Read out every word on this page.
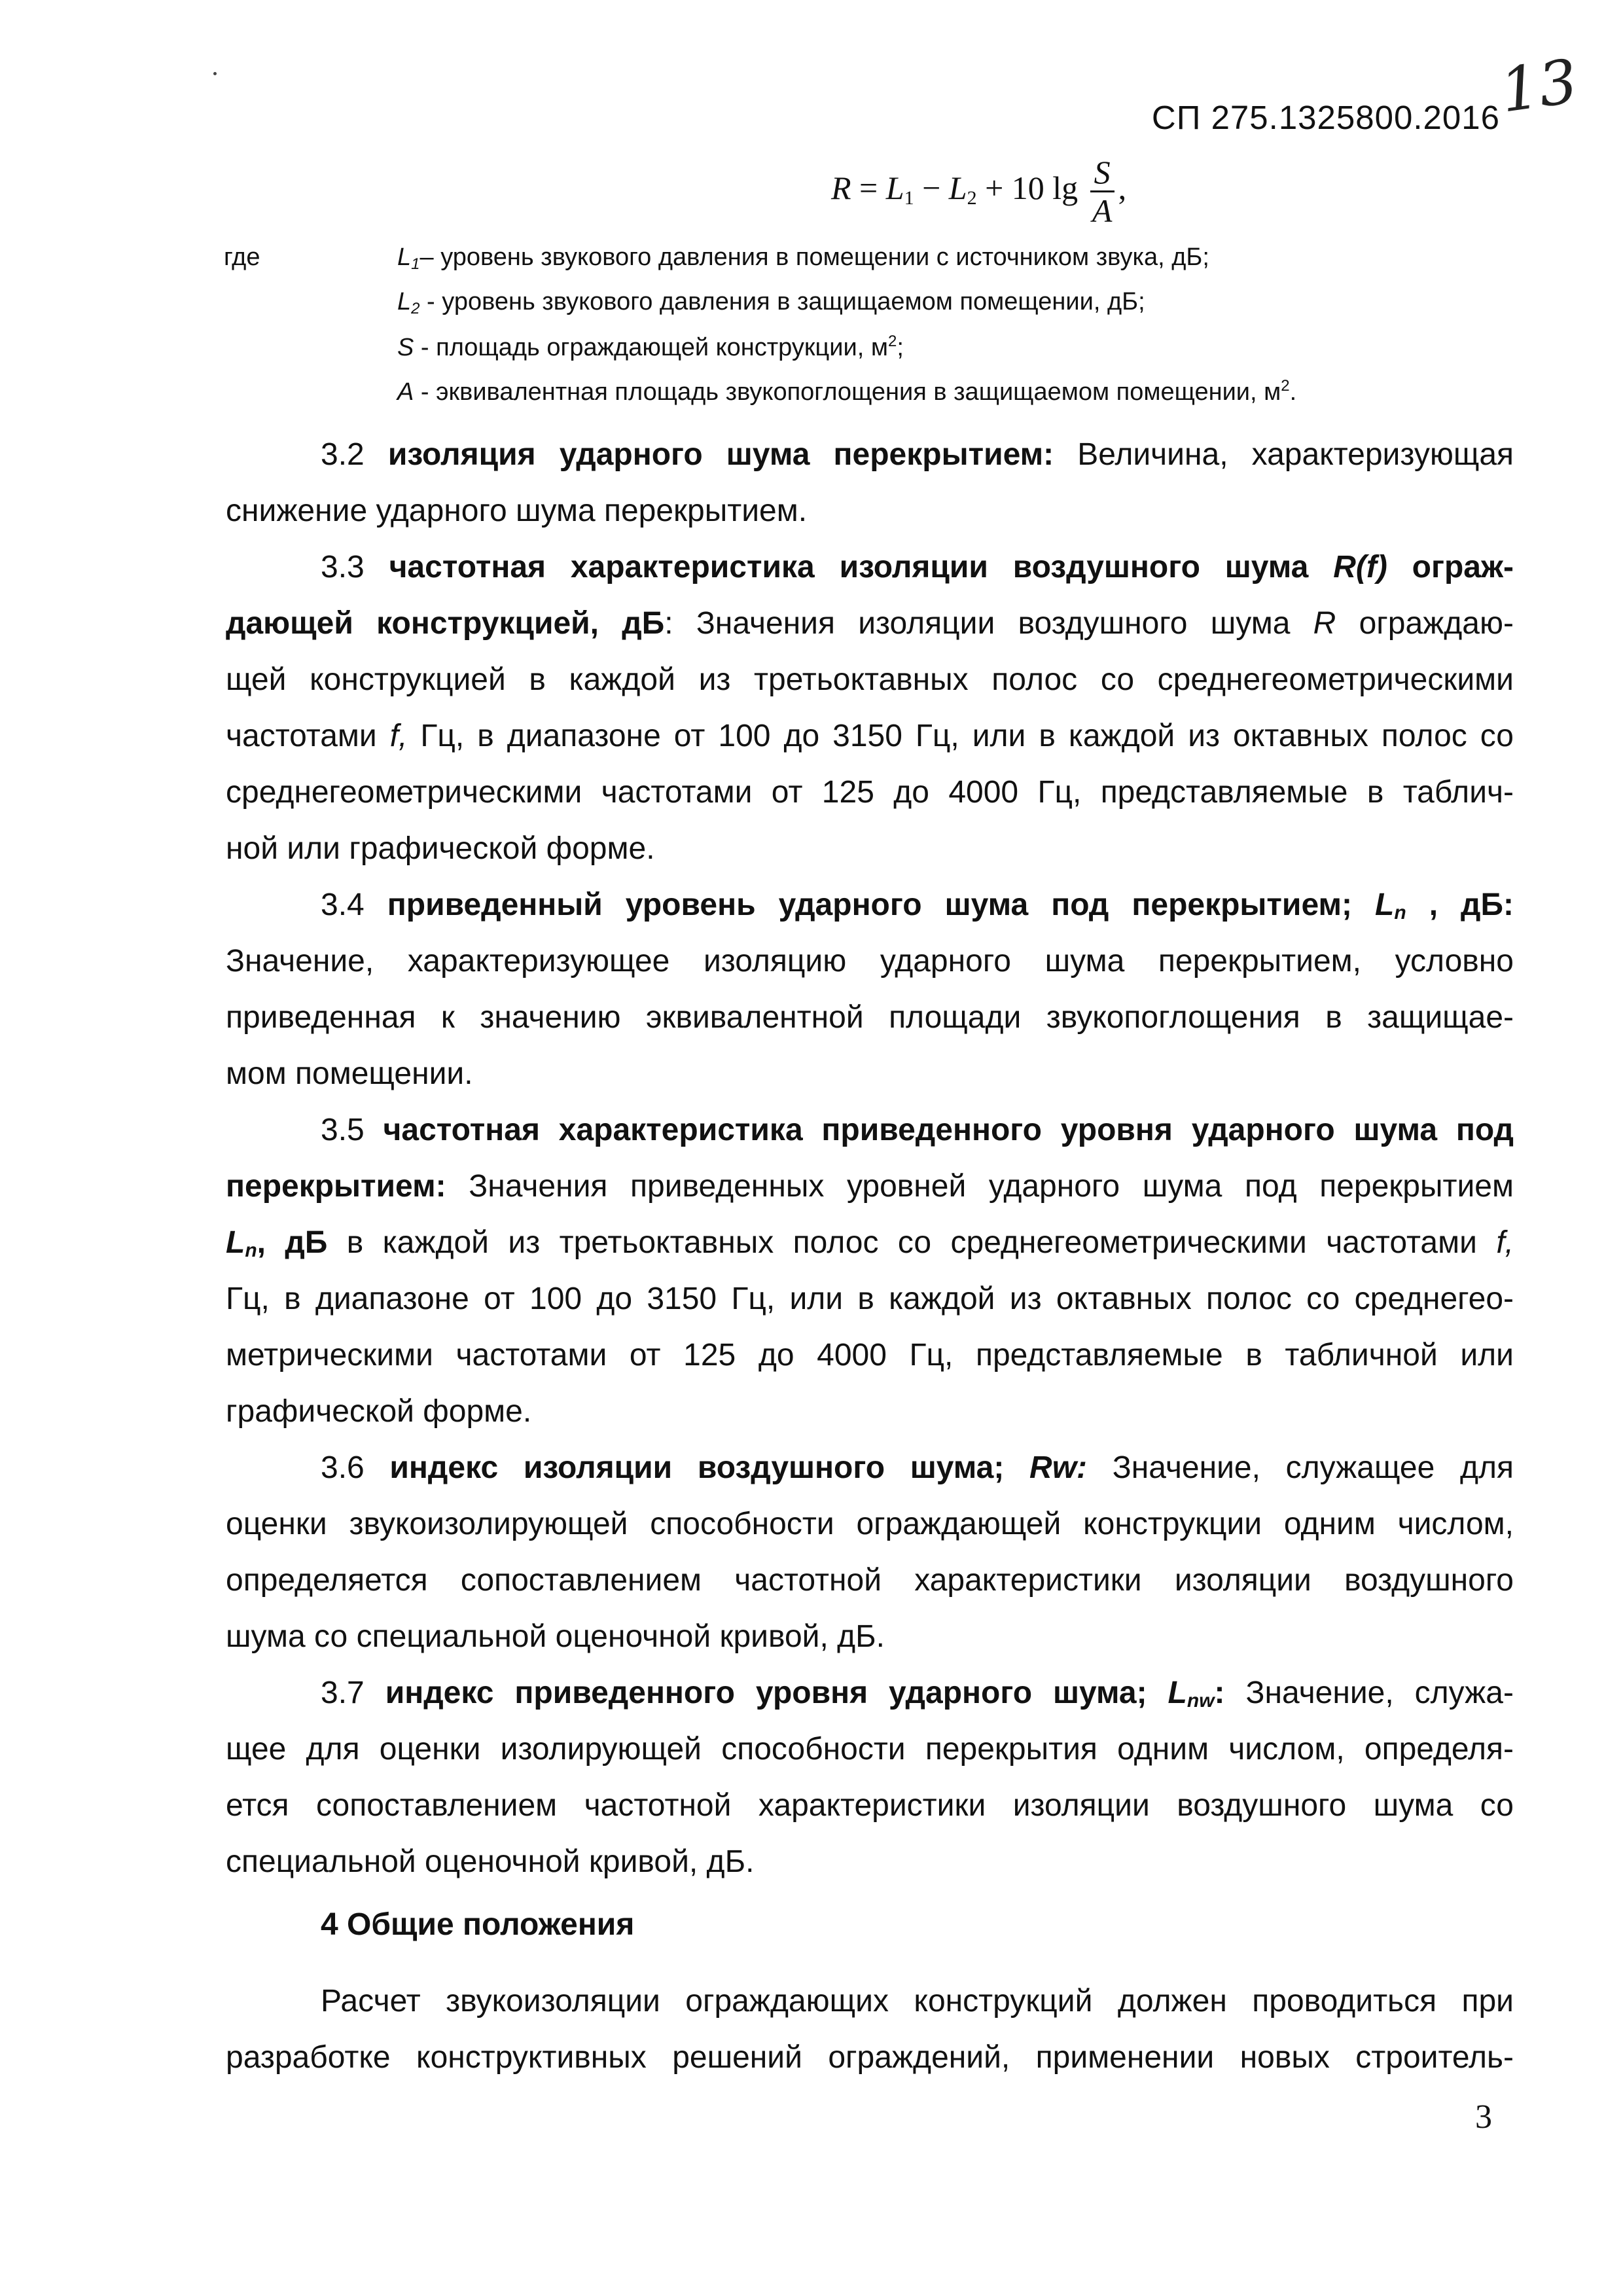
СП 275.1325800.2016
13
$R = L_1 - L_2 + 10$ $\lg \frac{S}{A}$ ,
где	$L_1-$ уровень звукового давления в помещении с источником звука, дБ;
$L_2$ - уровень звукового давления в защищаемом помещении, дБ;
S - площадь ограждающей конструкции, $м^2$;
A - эквивалентная площадь звукопоглощения в защищаемом помещении, $м^2$.
3.2 изоляция ударного шума перекрытием: Величина, характеризующая
снижение ударного шума перекрытием.
3.3 частотная характеристика изоляции воздушного шума R(f) ограж-
дающей конструкцией, дБ: Значения изоляции воздушного шума R ограждаю-
щей конструкцией в каждой из третьоктавных полос со среднегеометрическими
частотами f, Гц, в диапазоне от 100 до 3150 Гц, или в каждой из октавных полос со
среднегеометрическими частотами от 125 до 4000 Гц, представляемые в таблич-
ной или графической форме.
3.4 приведенный уровень ударного шума под перекрытием; $L_n$ , дБ:
Значение, характеризующее изоляцию ударного шума перекрытием, условно
приведенная к значению эквивалентной площади звукопоглощения в защищае-
мом помещении.
3.5 частотная характеристика приведенного уровня ударного шума под
перекрытием: Значения приведенных уровней ударного шума под перекрытием
$L_n$, дБ в каждой из третьоктавных полос со среднегеометрическими частотами f,
Гц, в диапазоне от 100 до 3150 Гц, или в каждой из октавных полос со среднегео-
метрическими частотами от 125 до 4000 Гц, представляемые в табличной или
графической форме.
3.6 индекс изоляции воздушного шума; Rw: Значение, служащее для
оценки звукоизолирующей способности ограждающей конструкции одним числом,
определяется сопоставлением частотной характеристики изоляции воздушного
шума со специальной оценочной кривой, дБ.
3.7 индекс приведенного уровня ударного шума; $L_{nw}$: Значение, служа-
щее для оценки изолирующей способности перекрытия одним числом, определя-
ется сопоставлением частотной характеристики изоляции воздушного шума со
специальной оценочной кривой, дБ.
4 Общие положения
Расчет звукоизоляции ограждающих конструкций должен проводиться при
разработке конструктивных решений ограждений, применении новых строитель-
3
